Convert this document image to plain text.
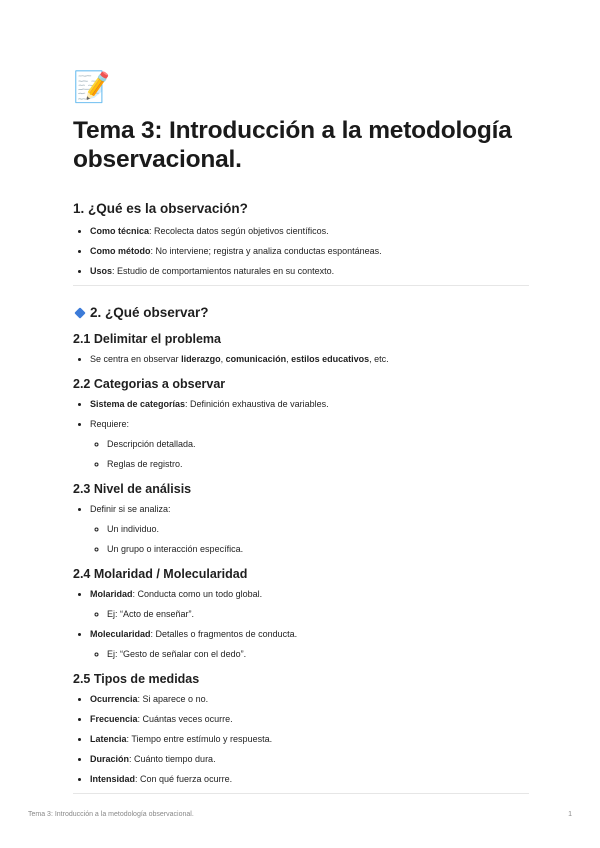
📝
Tema 3: Introducción a la metodología observacional.
1. ¿Qué es la observación?
• Como técnica: Recolecta datos según objetivos científicos.
• Como método: No interviene; registra y analiza conductas espontáneas.
• Usos: Estudio de comportamientos naturales en su contexto.
2. ¿Qué observar?
2.1 Delimitar el problema
• Se centra en observar liderazgo, comunicación, estilos educativos, etc.
2.2 Categorias a observar
• Sistema de categorías: Definición exhaustiva de variables.
• Requiere:
◦ Descripción detallada.
◦ Reglas de registro.
2.3 Nivel de análisis
• Definir si se analiza:
◦ Un individuo.
◦ Un grupo o interacción específica.
2.4 Molaridad / Molecularidad
• Molaridad: Conducta como un todo global.
◦ Ej: “Acto de enseñar”.
• Molecularidad: Detalles o fragmentos de conducta.
◦ Ej: “Gesto de señalar con el dedo”.
2.5 Tipos de medidas
• Ocurrencia: Si aparece o no.
• Frecuencia: Cuántas veces ocurre.
• Latencia: Tiempo entre estímulo y respuesta.
• Duración: Cuánto tiempo dura.
• Intensidad: Con qué fuerza ocurre.
Tema 3: Introducción a la metodología observacional.	1
